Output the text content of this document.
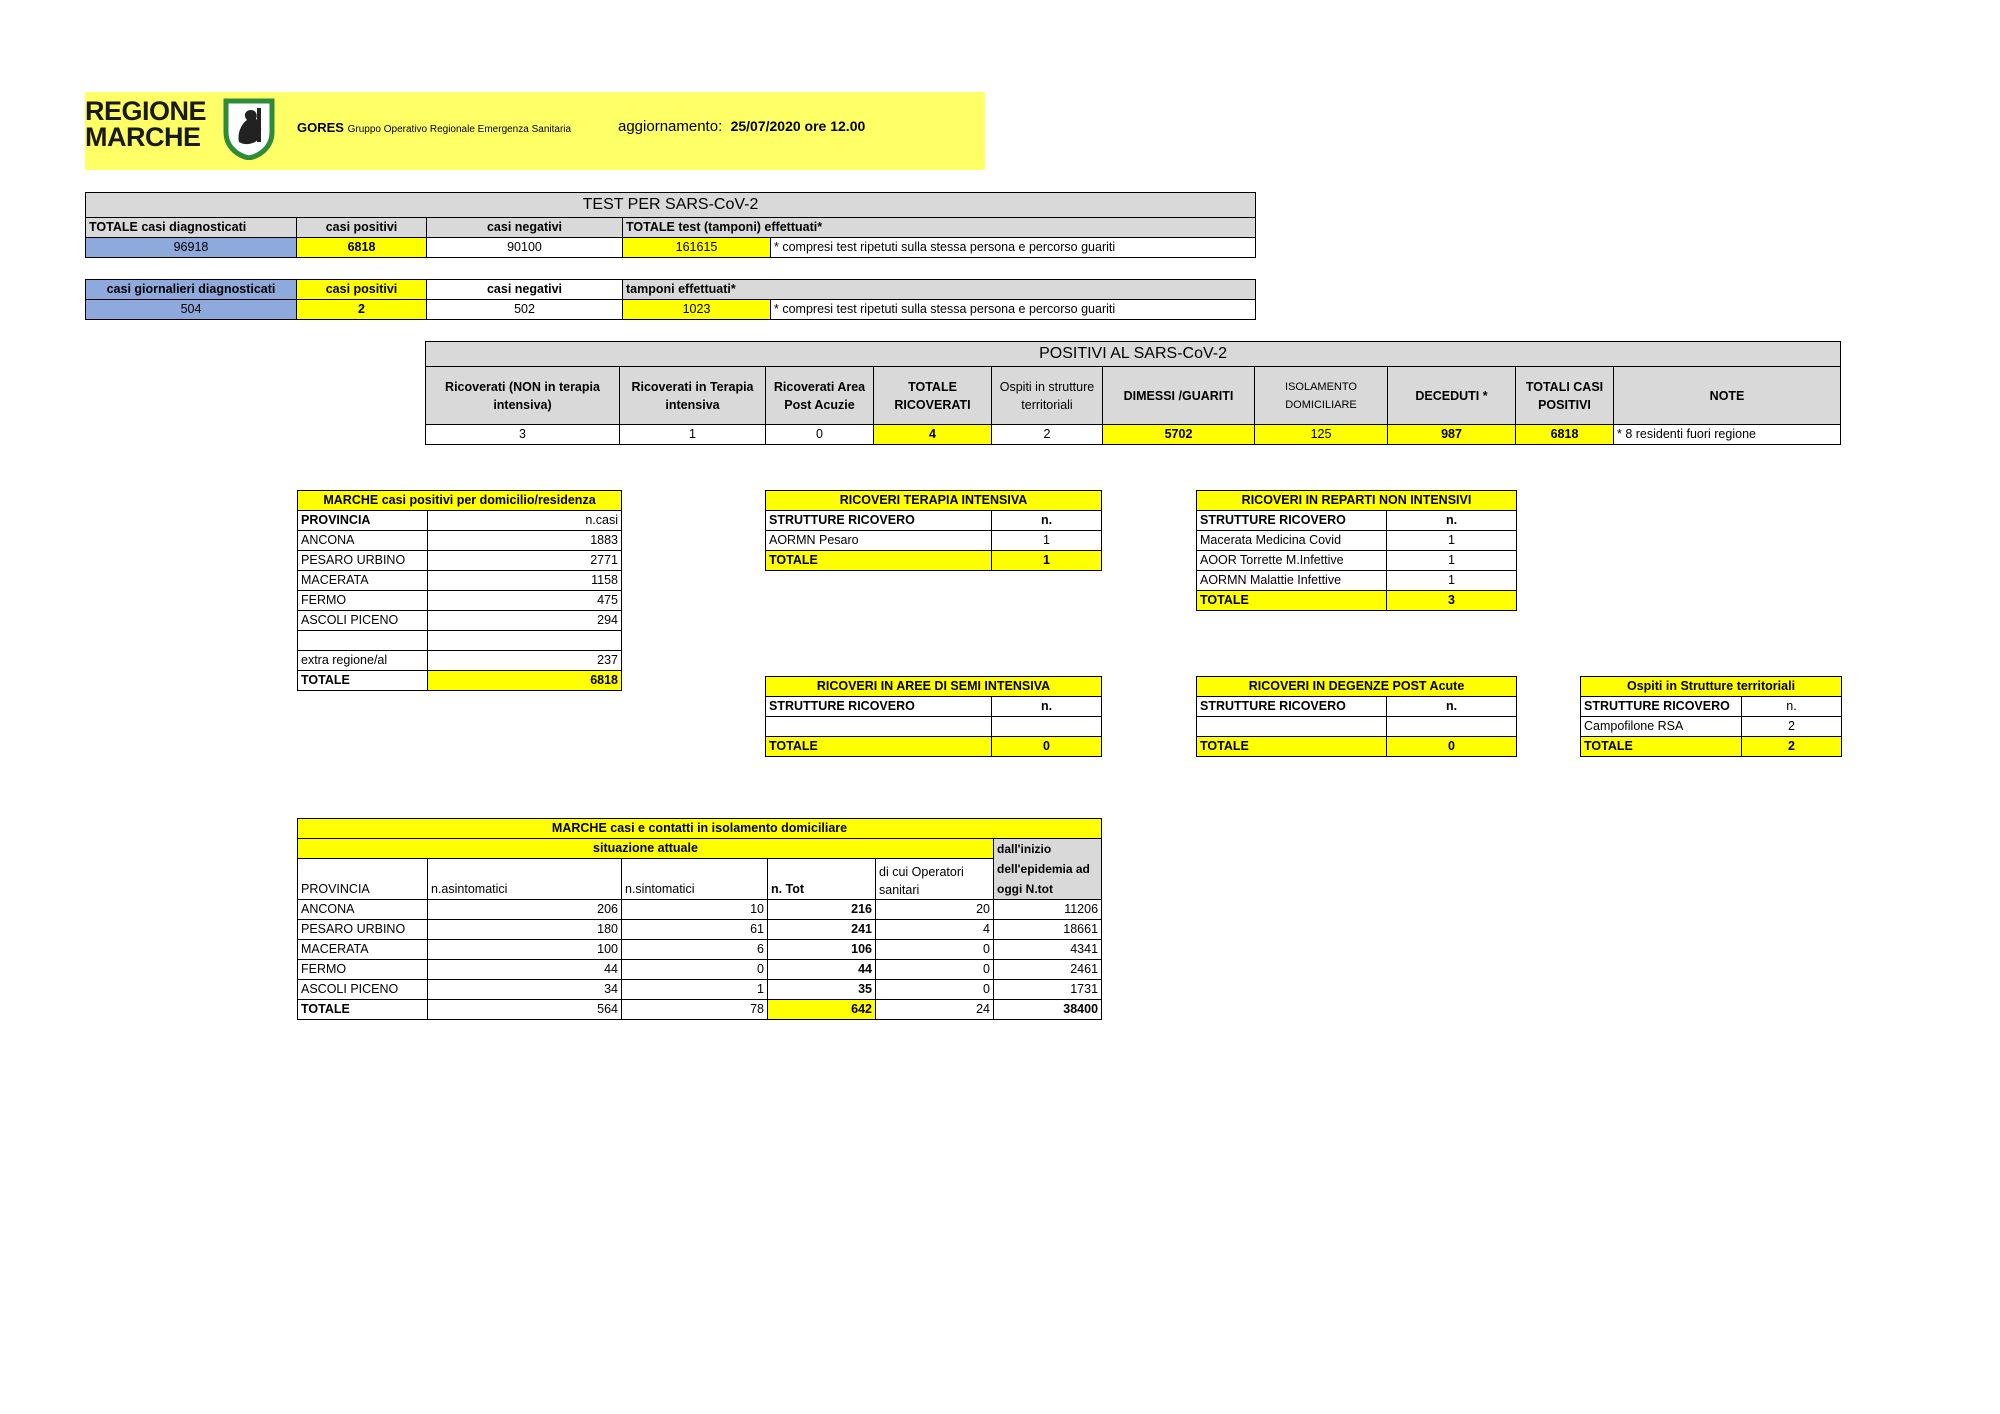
REGIONE
MARCHE	GORES Gruppo Operativo Regionale Emergenza Sanitaria	aggiornamento: 25/07/2020 ore 12.00
TEST PER SARS-CoV-2				
TOTALE casi diagnosticati	casi positivi	casi negativi	TOTALE test (tamponi) effettuati*	
96918	6818	90100	161615	* compresi test ripetuti sulla stessa persona e percorso guariti
casi giornalieri diagnosticati	casi positivi	casi negativi	tamponi effettuati*	
504	2	502	1023	* compresi test ripetuti sulla stessa persona e percorso guariti
POSITIVI AL SARS-CoV-2									
Ricoverati (NON in terapia intensiva)	Ricoverati in Terapia intensiva	Ricoverati Area Post Acuzie	TOTALE RICOVERATI	Ospiti in strutture territoriali	DIMESSI /GUARITI	ISOLAMENTO DOMICILIARE	DECEDUTI *	TOTALI CASI POSITIVI	NOTE
3	1	0	4	2	5702	125	987	6818	* 8 residenti fuori regione
MARCHE casi positivi per domicilio/residenza	
PROVINCIA	n.casi
ANCONA	1883
PESARO URBINO	2771
MACERATA	1158
FERMO	475
ASCOLI PICENO	294

extra regione/al	237
TOTALE	6818
RICOVERI TERAPIA INTENSIVA	
STRUTTURE RICOVERO	n.
AORMN Pesaro	1
TOTALE	1
RICOVERI IN REPARTI NON INTENSIVI	
STRUTTURE RICOVERO	n.
Macerata Medicina Covid	1
AOOR Torrette M.Infettive	1
AORMN Malattie Infettive	1
TOTALE	3
RICOVERI IN AREE DI SEMI INTENSIVA	
STRUTTURE RICOVERO	n.

TOTALE	0
RICOVERI IN DEGENZE POST Acute	
STRUTTURE RICOVERO	n.

TOTALE	0
Ospiti in Strutture territoriali	
STRUTTURE RICOVERO	n.
Campofilone RSA	2
TOTALE	2
MARCHE casi e contatti in isolamento domiciliare					
situazione attuale					dall'inizio dell'epidemia ad oggi N.tot
PROVINCIA	n.asintomatici	n.sintomatici	n. Tot	di cui Operatori sanitari	
ANCONA	206	10	216	20	11206
PESARO URBINO	180	61	241	4	18661
MACERATA	100	6	106	0	4341
FERMO	44	0	44	0	2461
ASCOLI PICENO	34	1	35	0	1731
TOTALE	564	78	642	24	38400
